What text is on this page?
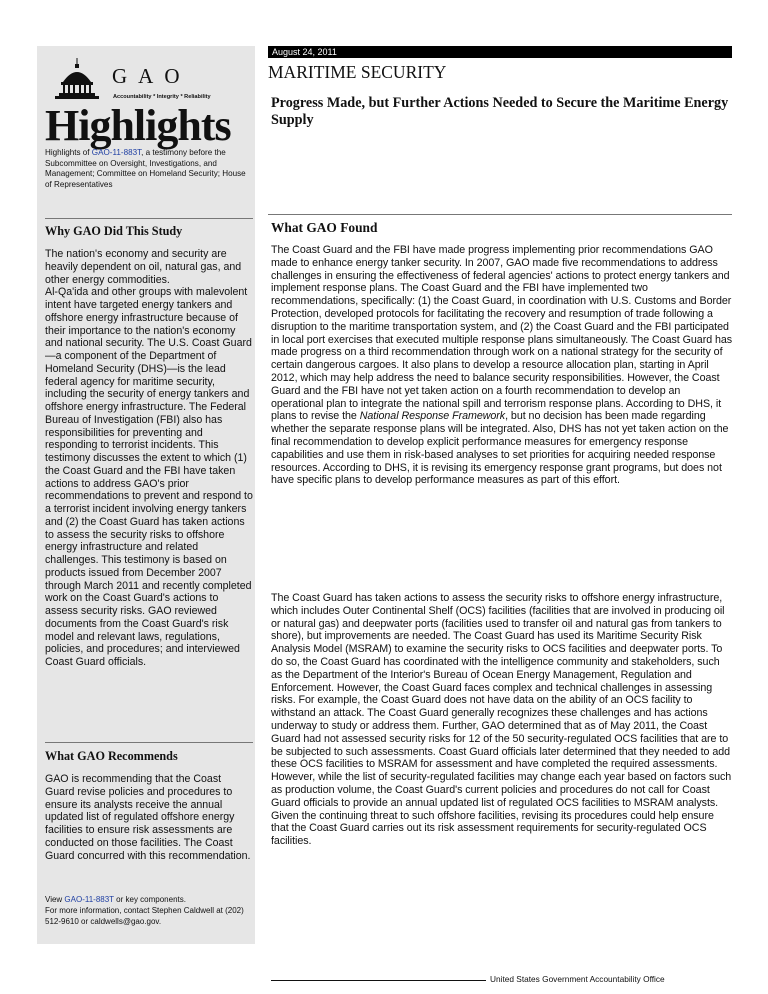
GAO
Accountability * Integrity * Reliability
Highlights
Highlights of GAO-11-883T, a testimony before the Subcommittee on Oversight, Investigations, and Management; Committee on Homeland Security; House of Representatives
Why GAO Did This Study

The nation's economy and security are heavily dependent on oil, natural gas, and other energy commodities.

Al-Qa'ida and other groups with malevolent intent have targeted energy tankers and offshore energy infrastructure because of their importance to the nation's economy and national security. The U.S. Coast Guard—a component of the Department of Homeland Security (DHS)—is the lead federal agency for maritime security, including the security of energy tankers and offshore energy infrastructure. The Federal Bureau of Investigation (FBI) also has responsibilities for preventing and responding to terrorist incidents. This testimony discusses the extent to which (1) the Coast Guard and the FBI have taken actions to address GAO's prior recommendations to prevent and respond to a terrorist incident involving energy tankers and (2) the Coast Guard has taken actions to assess the security risks to offshore energy infrastructure and related challenges. This testimony is based on products issued from December 2007 through March 2011 and recently completed work on the Coast Guard's actions to assess security risks. GAO reviewed documents from the Coast Guard's risk model and relevant laws, regulations, policies, and procedures; and interviewed Coast Guard officials.

What GAO Recommends
GAO is recommending that the Coast Guard revise policies and procedures to ensure its analysts receive the annual updated list of regulated offshore energy facilities to ensure risk assessments are conducted on those facilities. The Coast Guard concurred with this recommendation.
View GAO-11-883T or key components.
For more information, contact Stephen Caldwell at (202) 512-9610 or caldwells@gao.gov.
August 24, 2011
MARITIME SECURITY
Progress Made, but Further Actions Needed to Secure the Maritime Energy Supply
What GAO Found

The Coast Guard and the FBI have made progress implementing prior recommendations GAO made to enhance energy tanker security. In 2007, GAO made five recommendations to address challenges in ensuring the effectiveness of federal agencies' actions to protect energy tankers and implement response plans. The Coast Guard and the FBI have implemented two recommendations, specifically: (1) the Coast Guard, in coordination with U.S. Customs and Border Protection, developed protocols for facilitating the recovery and resumption of trade following a disruption to the maritime transportation system, and (2) the Coast Guard and the FBI participated in local port exercises that executed multiple response plans simultaneously. The Coast Guard has made progress on a third recommendation through work on a national strategy for the security of certain dangerous cargoes. It also plans to develop a resource allocation plan, starting in April 2012, which may help address the need to balance security responsibilities. However, the Coast Guard and the FBI have not yet taken action on a fourth recommendation to develop an operational plan to integrate the national spill and terrorism response plans. According to DHS, it plans to revise the National Response Framework, but no decision has been made regarding whether the separate response plans will be integrated. Also, DHS has not yet taken action on the final recommendation to develop explicit performance measures for emergency response capabilities and use them in risk-based analyses to set priorities for acquiring needed response resources. According to DHS, it is revising its emergency response grant programs, but does not have specific plans to develop performance measures as part of this effort.

The Coast Guard has taken actions to assess the security risks to offshore energy infrastructure, which includes Outer Continental Shelf (OCS) facilities (facilities that are involved in producing oil or natural gas) and deepwater ports (facilities used to transfer oil and natural gas from tankers to shore), but improvements are needed. The Coast Guard has used its Maritime Security Risk Analysis Model (MSRAM) to examine the security risks to OCS facilities and deepwater ports. To do so, the Coast Guard has coordinated with the intelligence community and stakeholders, such as the Department of the Interior's Bureau of Ocean Energy Management, Regulation and Enforcement. However, the Coast Guard faces complex and technical challenges in assessing risks. For example, the Coast Guard does not have data on the ability of an OCS facility to withstand an attack. The Coast Guard generally recognizes these challenges and has actions underway to study or address them. Further, GAO determined that as of May 2011, the Coast Guard had not assessed security risks for 12 of the 50 security-regulated OCS facilities that are to be subjected to such assessments. Coast Guard officials later determined that they needed to add these OCS facilities to MSRAM for assessment and have completed the required assessments. However, while the list of security-regulated facilities may change each year based on factors such as production volume, the Coast Guard's current policies and procedures do not call for Coast Guard officials to provide an annual updated list of regulated OCS facilities to MSRAM analysts. Given the continuing threat to such offshore facilities, revising its procedures could help ensure that the Coast Guard carries out its risk assessment requirements for security-regulated OCS facilities.

United States Government Accountability Office
